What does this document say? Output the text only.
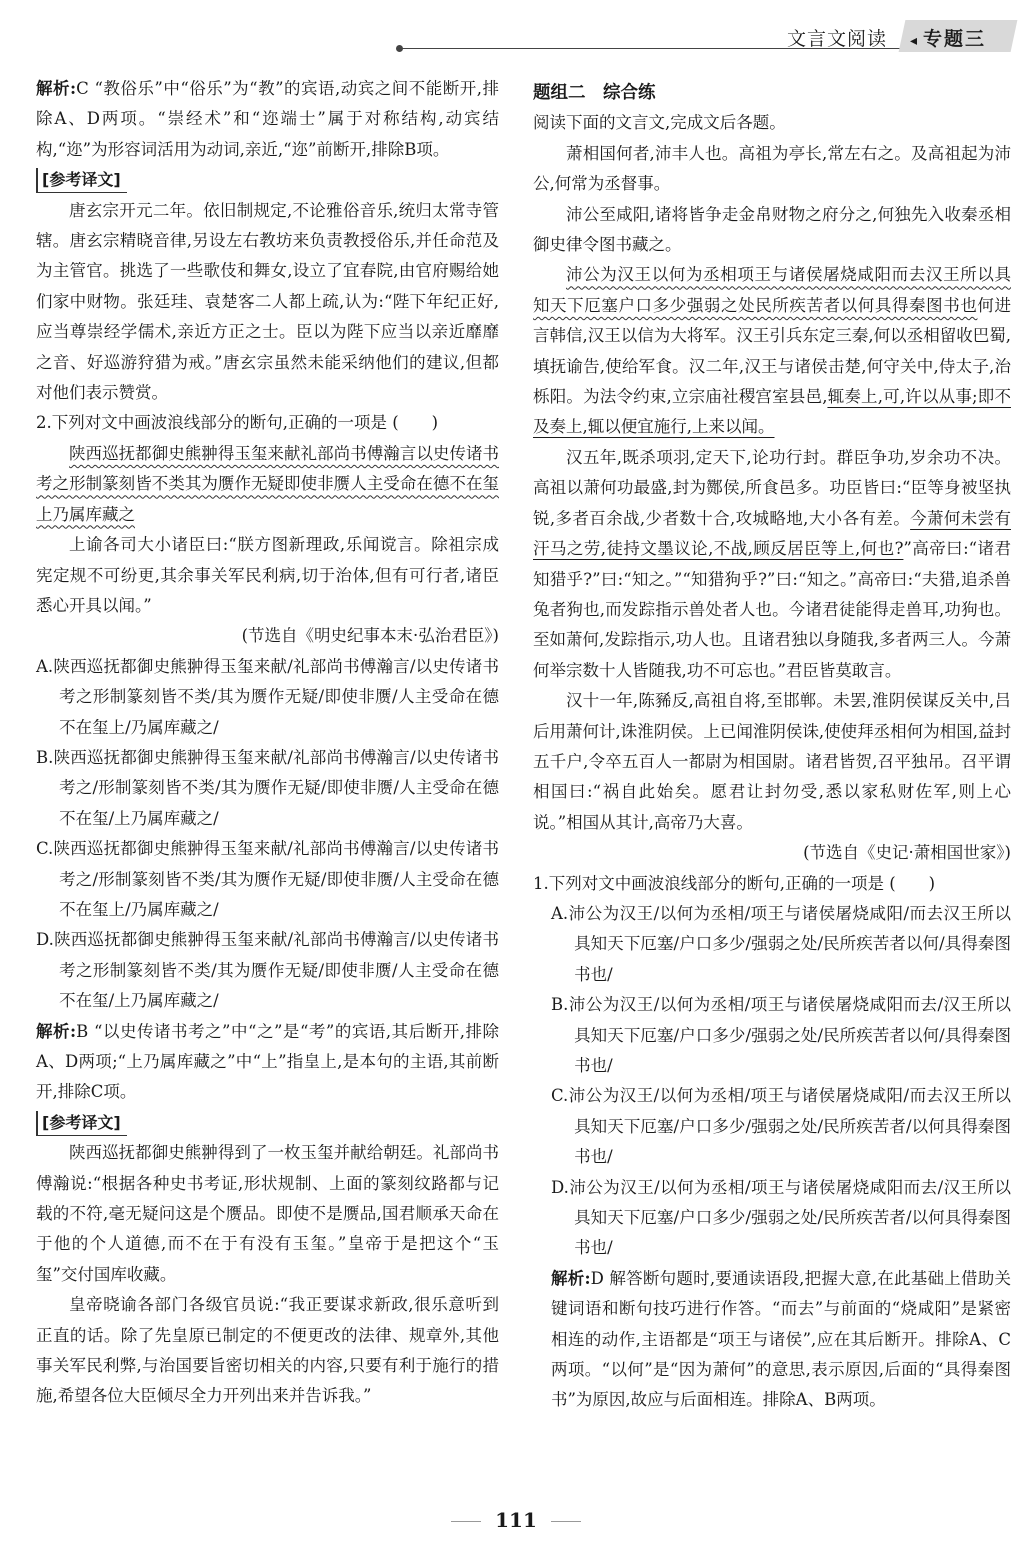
文言文阅读 ◂ 专题三

解析:C “教俗乐”中“俗乐”为“教”的宾语,动宾之间不能断开,排除A、D两项。“崇经术”和“迩端士”属于对称结构,动宾结构,“迩”为形容词活用为动词,亲近,“迩”前断开,排除B项。

[参考译文]

唐玄宗开元二年。依旧制规定,不论雅俗音乐,统归太常寺管辖。唐玄宗精晓音律,另设左右教坊来负责教授俗乐,并任命范及为主管官。挑选了一些歌伎和舞女,设立了宜春院,由官府赐给她们家中财物。张廷珪、袁楚客二人都上疏,认为:“陛下年纪正好,应当尊崇经学儒术,亲近方正之士。臣以为陛下应当以亲近靡靡之音、好巡游狩猎为戒。”唐玄宗虽然未能采纳他们的建议,但都对他们表示赞赏。

2.下列对文中画波浪线部分的断句,正确的一项是 (　　)

陕西巡抚都御史熊翀得玉玺来献礼部尚书傅瀚言以史传诸书考之形制篆刻皆不类其为赝作无疑即使非赝人主受命在德不在玺上乃属库藏之

上谕各司大小诸臣曰:“朕方图新理政,乐闻谠言。除祖宗成宪定规不可纷更,其余事关军民利病,切于治体,但有可行者,诸臣悉心开具以闻。”

(节选自《明史纪事本末·弘治君臣》)

A.陕西巡抚都御史熊翀得玉玺来献/礼部尚书傅瀚言/以史传诸书考之形制篆刻皆不类/其为赝作无疑/即使非赝/人主受命在德不在玺上/乃属库藏之/

B.陕西巡抚都御史熊翀得玉玺来献/礼部尚书傅瀚言/以史传诸书考之/形制篆刻皆不类/其为赝作无疑/即使非赝/人主受命在德不在玺/上乃属库藏之/

C.陕西巡抚都御史熊翀得玉玺来献/礼部尚书傅瀚言/以史传诸书考之/形制篆刻皆不类/其为赝作无疑/即使非赝/人主受命在德不在玺上/乃属库藏之/

D.陕西巡抚都御史熊翀得玉玺来献/礼部尚书傅瀚言/以史传诸书考之形制篆刻皆不类/其为赝作无疑/即使非赝/人主受命在德不在玺/上乃属库藏之/

解析:B “以史传诸书考之”中“之”是“考”的宾语,其后断开,排除A、D两项;“上乃属库藏之”中“上”指皇上,是本句的主语,其前断开,排除C项。

[参考译文]

陕西巡抚都御史熊翀得到了一枚玉玺并献给朝廷。礼部尚书傅瀚说:“根据各种史书考证,形状规制、上面的篆刻纹路都与记载的不符,毫无疑问这是个赝品。即使不是赝品,国君顺承天命在于他的个人道德,而不在于有没有玉玺。”皇帝于是把这个“玉玺”交付国库收藏。

皇帝晓谕各部门各级官员说:“我正要谋求新政,很乐意听到正直的话。除了先皇原已制定的不便更改的法律、规章外,其他事关军民利弊,与治国要旨密切相关的内容,只要有利于施行的措施,希望各位大臣倾尽全力开列出来并告诉我。”

题组二　综合练

阅读下面的文言文,完成文后各题。

萧相国何者,沛丰人也。高祖为亭长,常左右之。及高祖起为沛公,何常为丞督事。

沛公至咸阳,诸将皆争走金帛财物之府分之,何独先入收秦丞相御史律令图书藏之。

沛公为汉王以何为丞相项王与诸侯屠烧咸阳而去汉王所以具知天下厄塞户口多少强弱之处民所疾苦者以何具得秦图书也何进言韩信,汉王以信为大将军。汉王引兵东定三秦,何以丞相留收巴蜀,填抚谕告,使给军食。汉二年,汉王与诸侯击楚,何守关中,侍太子,治栎阳。为法令约束,立宗庙社稷宫室县邑,辄奏上,可,许以从事;即不及奏上,辄以便宜施行,上来以闻。

汉五年,既杀项羽,定天下,论功行封。群臣争功,岁余功不决。高祖以萧何功最盛,封为酂侯,所食邑多。功臣皆曰:“臣等身被坚执锐,多者百余战,少者数十合,攻城略地,大小各有差。今萧何未尝有汗马之劳,徒持文墨议论,不战,顾反居臣等上,何也?”高帝曰:“诸君知猎乎?”曰:“知之。”“知猎狗乎?”曰:“知之。”高帝曰:“夫猎,追杀兽兔者狗也,而发踪指示兽处者人也。今诸君徒能得走兽耳,功狗也。至如萧何,发踪指示,功人也。且诸君独以身随我,多者两三人。今萧何举宗数十人皆随我,功不可忘也。”君臣皆莫敢言。

汉十一年,陈豨反,高祖自将,至邯郸。未罢,淮阴侯谋反关中,吕后用萧何计,诛淮阴侯。上已闻淮阴侯诛,使使拜丞相何为相国,益封五千户,令卒五百人一都尉为相国尉。诸君皆贺,召平独吊。召平谓相国曰:“祸自此始矣。愿君让封勿受,悉以家私财佐军,则上心说。”相国从其计,高帝乃大喜。

(节选自《史记·萧相国世家》)

1.下列对文中画波浪线部分的断句,正确的一项是 (　　)

A.沛公为汉王/以何为丞相/项王与诸侯屠烧咸阳/而去汉王所以具知天下厄塞/户口多少/强弱之处/民所疾苦者以何/具得秦图书也/

B.沛公为汉王/以何为丞相/项王与诸侯屠烧咸阳而去/汉王所以具知天下厄塞/户口多少/强弱之处/民所疾苦者以何/具得秦图书也/

C.沛公为汉王/以何为丞相/项王与诸侯屠烧咸阳/而去汉王所以具知天下厄塞/户口多少/强弱之处/民所疾苦者/以何具得秦图书也/

D.沛公为汉王/以何为丞相/项王与诸侯屠烧咸阳而去/汉王所以具知天下厄塞/户口多少/强弱之处/民所疾苦者/以何具得秦图书也/

解析:D 解答断句题时,要通读语段,把握大意,在此基础上借助关键词语和断句技巧进行作答。“而去”与前面的“烧咸阳”是紧密相连的动作,主语都是“项王与诸侯”,应在其后断开。排除A、C两项。“以何”是“因为萧何”的意思,表示原因,后面的“具得秦图书”为原因,故应与后面相连。排除A、B两项。

111
